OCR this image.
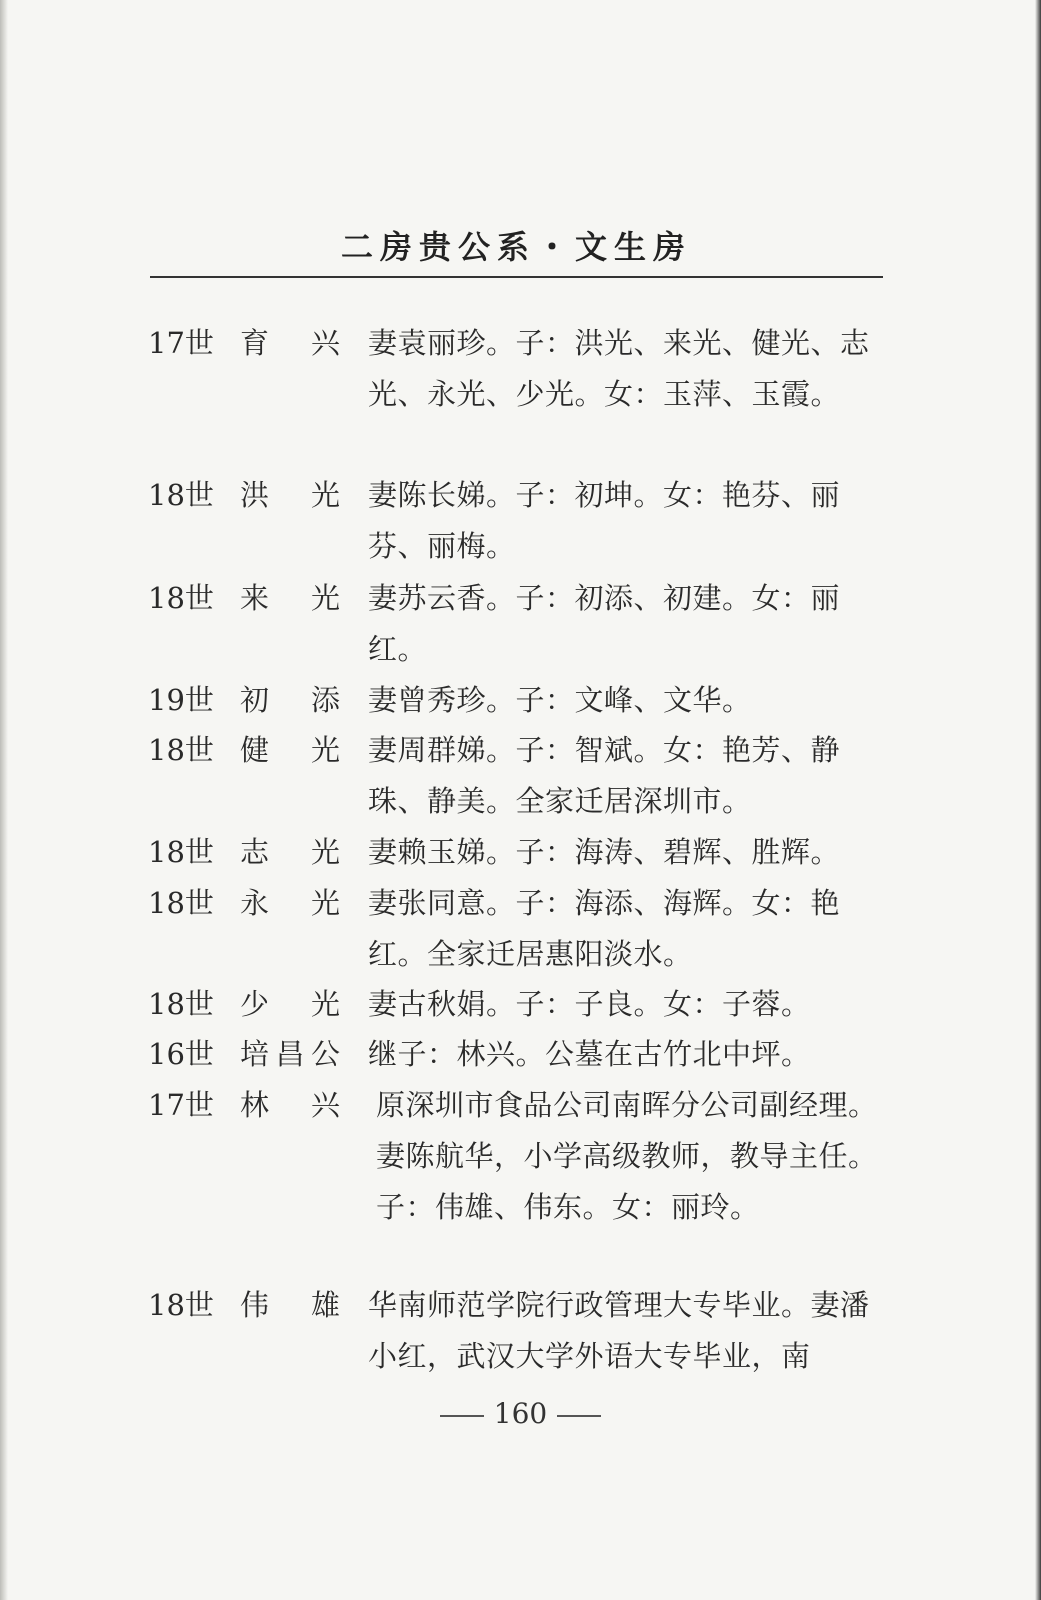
二房贵公系・文生房
17世 育兴 妻袁丽珍。子：洪光、来光、健光、志光、永光、少光。女：玉萍、玉霞。
18世 洪光 妻陈长娣。子：初坤。女：艳芬、丽芬、丽梅。
18世 来光 妻苏云香。子：初添、初建。女：丽红。
19世 初添 妻曾秀珍。子：文峰、文华。
18世 健光 妻周群娣。子：智斌。女：艳芳、静珠、静美。全家迁居深圳市。
18世 志光 妻赖玉娣。子：海涛、碧辉、胜辉。
18世 永光 妻张同意。子：海添、海辉。女：艳红。全家迁居惠阳淡水。
18世 少光 妻古秋娟。子：子良。女：子蓉。
16世 培昌公 继子：林兴。公墓在古竹北中坪。
17世 林兴 原深圳市食品公司南晖分公司副经理。妻陈航华，小学高级教师，教导主任。子：伟雄、伟东。女：丽玲。
18世 伟雄 华南师范学院行政管理大专毕业。妻潘小红，武汉大学外语大专毕业，南
160
